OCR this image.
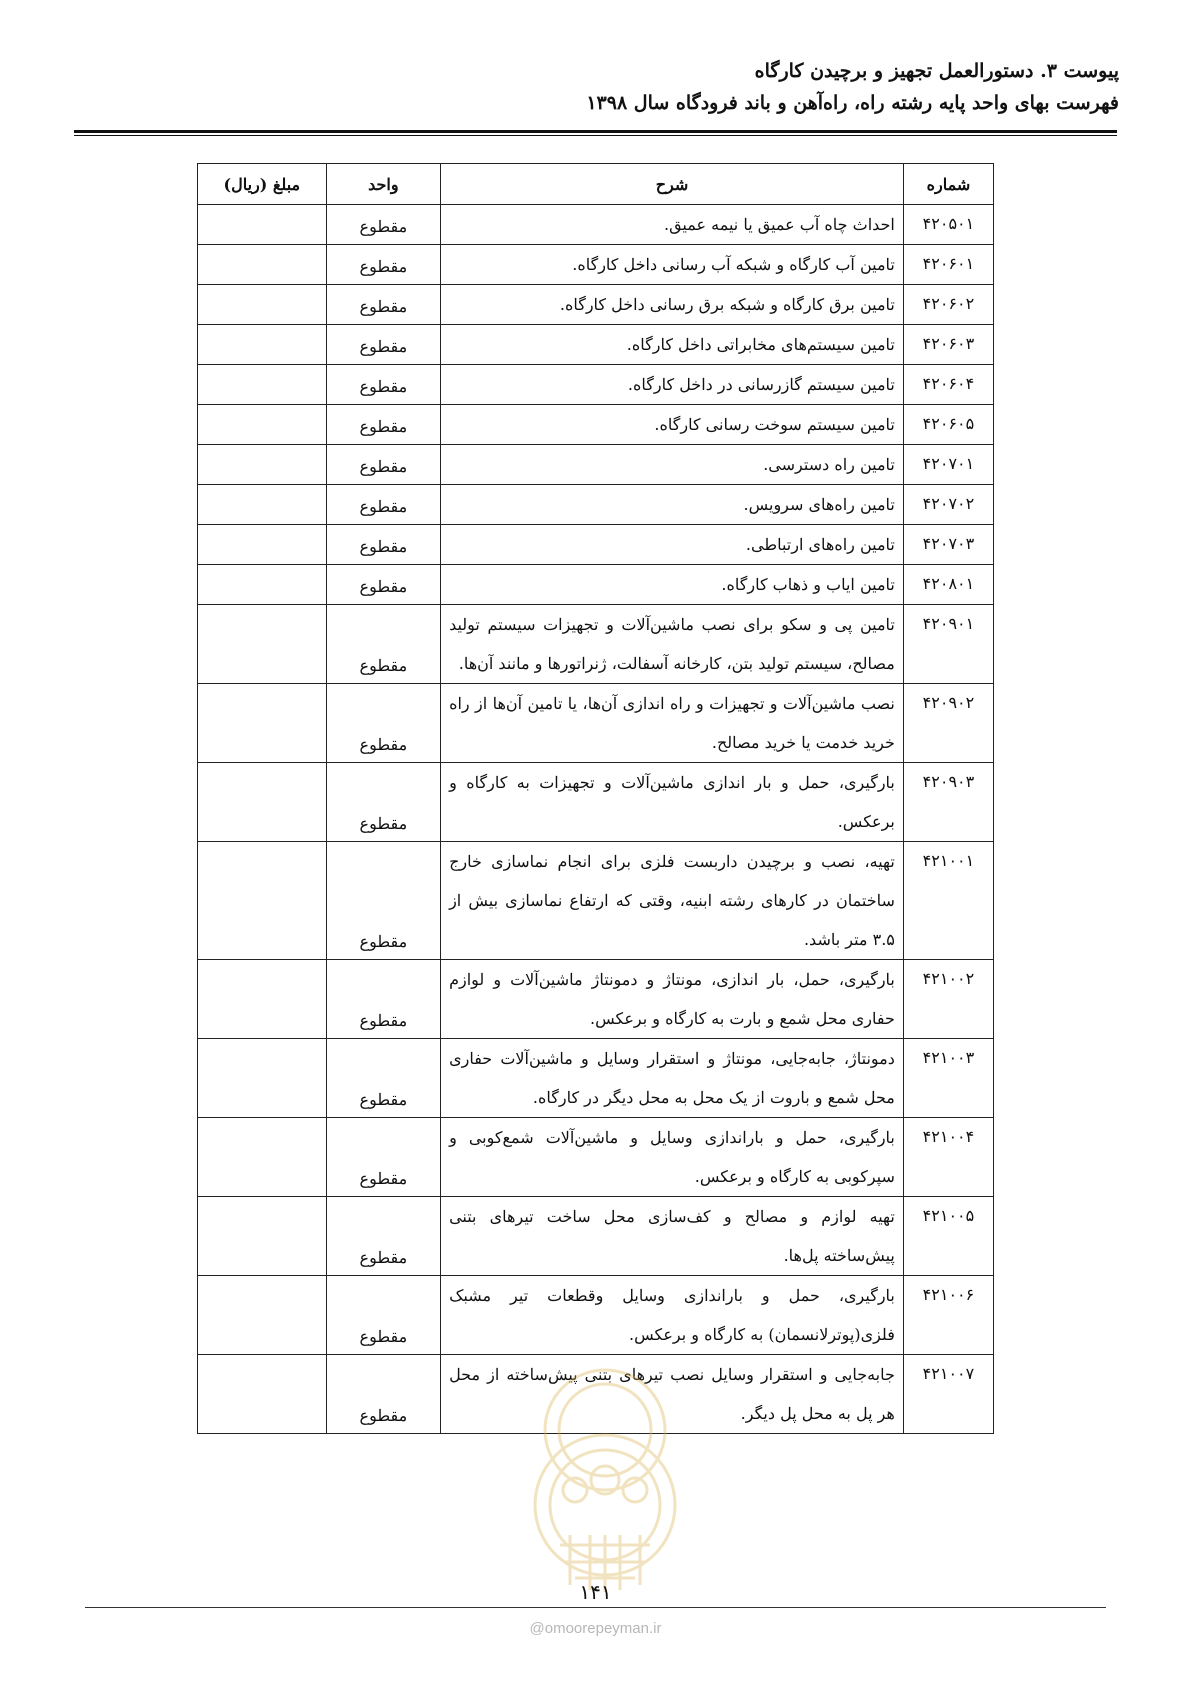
پیوست ۳. دستورالعمل تجهیز و برچیدن کارگاه
فهرست بهای واحد پایه رشته راه، راه‌آهن و باند فرودگاه سال ۱۳۹۸
شماره	شرح	واحد	مبلغ (ریال)
۴۲۰۵۰۱	احداث چاه آب عمیق یا نیمه عمیق.	مقطوع	
۴۲۰۶۰۱	تامین آب کارگاه و شبکه آب رسانی داخل کارگاه.	مقطوع	
۴۲۰۶۰۲	تامین برق کارگاه و شبکه برق رسانی داخل کارگاه.	مقطوع	
۴۲۰۶۰۳	تامین سیستم‌های مخابراتی داخل کارگاه.	مقطوع	
۴۲۰۶۰۴	تامین سیستم گازرسانی در داخل کارگاه.	مقطوع	
۴۲۰۶۰۵	تامین سیستم سوخت رسانی کارگاه.	مقطوع	
۴۲۰۷۰۱	تامین راه دسترسی.	مقطوع	
۴۲۰۷۰۲	تامین راه‌های سرویس.	مقطوع	
۴۲۰۷۰۳	تامین راه‌های ارتباطی.	مقطوع	
۴۲۰۸۰۱	تامین ایاب و ذهاب کارگاه.	مقطوع	
۴۲۰۹۰۱	تامین پی و سکو برای نصب ماشین‌آلات و تجهیزات سیستم تولید مصالح، سیستم تولید بتن، کارخانه آسفالت، ژنراتورها و مانند آن‌ها.	مقطوع	
۴۲۰۹۰۲	نصب ماشین‌آلات و تجهیزات و راه اندازی آن‌ها، یا تامین آن‌ها از راه خرید خدمت یا خرید مصالح.	مقطوع	
۴۲۰۹۰۳	بارگیری، حمل و بار اندازی ماشین‌آلات و تجهیزات به کارگاه و برعکس.	مقطوع	
۴۲۱۰۰۱	تهیه، نصب و برچیدن داربست فلزی برای انجام نماسازی خارج ساختمان در کارهای رشته ابنیه، وقتی که ارتفاع نماسازی بیش از ۳.۵ متر باشد.	مقطوع	
۴۲۱۰۰۲	بارگیری، حمل، بار اندازی، مونتاژ و دمونتاژ ماشین‌آلات و لوازم حفاری محل شمع و بارت به کارگاه و برعکس.	مقطوع	
۴۲۱۰۰۳	دمونتاژ، جابه‌جایی، مونتاژ و استقرار وسایل و ماشین‌آلات حفاری محل شمع و باروت از یک محل به محل دیگر در کارگاه.	مقطوع	
۴۲۱۰۰۴	بارگیری، حمل و باراندازی وسایل و ماشین‌آلات شمع‌کوبی و سپرکوبی به کارگاه و برعکس.	مقطوع	
۴۲۱۰۰۵	تهیه لوازم و مصالح و کف‌سازی محل ساخت تیرهای بتنی پیش‌ساخته پل‌ها.	مقطوع	
۴۲۱۰۰۶	بارگیری، حمل و باراندازی وسایل وقطعات تیر مشبک فلزی(پوترلانسمان) به کارگاه و برعکس.	مقطوع	
۴۲۱۰۰۷	جابه‌جایی و استقرار وسایل نصب تیرهای بتنی پیش‌ساخته از محل هر پل به محل پل دیگر.	مقطوع	
۱۴۱
@omoorepeyman.ir
